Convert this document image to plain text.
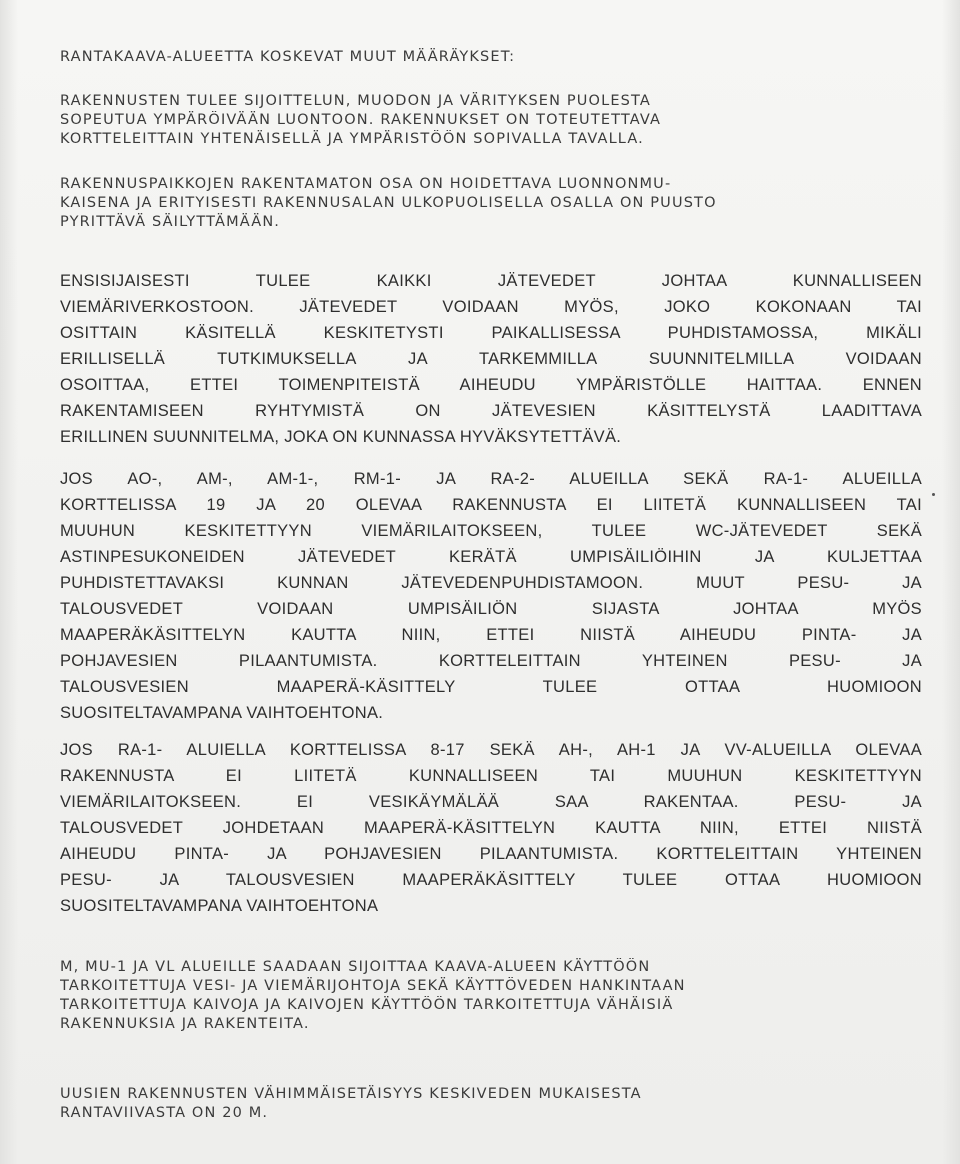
RANTAKAAVA-ALUEETTA KOSKEVAT MUUT MÄÄRÄYKSET:
RAKENNUSTEN TULEE SIJOITTELUN, MUODON JA VÄRITYKSEN PUOLESTA
SOPEUTUA YMPÄRÖIVÄÄN LUONTOON. RAKENNUKSET ON TOTEUTETTAVA
KORTTELEITTAIN YHTENÄISELLÄ JA YMPÄRISTÖÖN SOPIVALLA TAVALLA.
RAKENNUSPAIKKOJEN RAKENTAMATON OSA ON HOIDETTAVA LUONNONMU-
KAISENA JA ERITYISESTI RAKENNUSALAN ULKOPUOLISELLA OSALLA ON PUUSTO
PYRITTÄVÄ SÄILYTTÄMÄÄN.
ENSISIJAISESTI TULEE KAIKKI JÄTEVEDET JOHTAA KUNNALLISEEN
VIEMÄRIVERKOSTOON. JÄTEVEDET VOIDAAN MYÖS, JOKO KOKONAAN TAI
OSITTAIN KÄSITELLÄ KESKITETYSTI PAIKALLISESSA PUHDISTAMOSSA, MIKÄLI
ERILLISELLÄ TUTKIMUKSELLA JA TARKEMMILLA SUUNNITELMILLA VOIDAAN
OSOITTAA, ETTEI TOIMENPITEISTÄ AIHEUDU YMPÄRISTÖLLE HAITTAA. ENNEN
RAKENTAMISEEN RYHTYMISTÄ ON JÄTEVESIEN KÄSITTELYSTÄ LAADITTAVA
ERILLINEN SUUNNITELMA, JOKA ON KUNNASSA HYVÄKSYTETTÄVÄ.
JOS AO-, AM-, AM-1-, RM-1- JA RA-2- ALUEILLA SEKÄ RA-1- ALUEILLA
KORTTELISSA 19 JA 20 OLEVAA RAKENNUSTA EI LIITETÄ KUNNALLISEEN TAI
MUUHUN KESKITETTYYN VIEMÄRILAITOKSEEN, TULEE WC-JÄTEVEDET SEKÄ
ASTINPESUKONEIDEN JÄTEVEDET KERÄTÄ UMPISÄILIÖIHIN JA KULJETTAA
PUHDISTETTAVAKSI KUNNAN JÄTEVEDENPUHDISTAMOON. MUUT PESU- JA
TALOUSVEDET VOIDAAN UMPISÄILIÖN SIJASTA JOHTAA MYÖS
MAAPERÄKÄSITTELYN KAUTTA NIIN, ETTEI NIISTÄ AIHEUDU PINTA- JA
POHJAVESIEN PILAANTUMISTA. KORTTELEITTAIN YHTEINEN PESU- JA
TALOUSVESIEN MAAPERÄ-KÄSITTELY TULEE OTTAA HUOMIOON
SUOSITELTAVAMPANA VAIHTOEHTONA.
JOS RA-1- ALUIELLA KORTTELISSA 8-17 SEKÄ AH-, AH-1 JA VV-ALUEILLA OLEVAA
RAKENNUSTA EI LIITETÄ KUNNALLISEEN TAI MUUHUN KESKITETTYYN
VIEMÄRILAITOKSEEN. EI VESIKÄYMÄLÄÄ SAA RAKENTAA. PESU- JA
TALOUSVEDET JOHDETAAN MAAPERÄ-KÄSITTELYN KAUTTA NIIN, ETTEI NIISTÄ
AIHEUDU PINTA- JA POHJAVESIEN PILAANTUMISTA. KORTTELEITTAIN YHTEINEN
PESU- JA TALOUSVESIEN MAAPERÄKÄSITTELY TULEE OTTAA HUOMIOON
SUOSITELTAVAMPANA VAIHTOEHTONA
M, MU-1 JA VL ALUEILLE SAADAAN SIJOITTAA KAAVA-ALUEEN KÄYTTÖÖN
TARKOITETTUJA VESI- JA VIEMÄRIJOHTOJA SEKÄ KÄYTTÖVEDEN HANKINTAAN
TARKOITETTUJA KAIVOJA JA KAIVOJEN KÄYTTÖÖN TARKOITETTUJA VÄHÄISIÄ
RAKENNUKSIA JA RAKENTEITA.
UUSIEN RAKENNUSTEN VÄHIMMÄISETÄISYYS KESKIVEDEN MUKAISESTA
RANTAVIIVASTA ON 20 M.
